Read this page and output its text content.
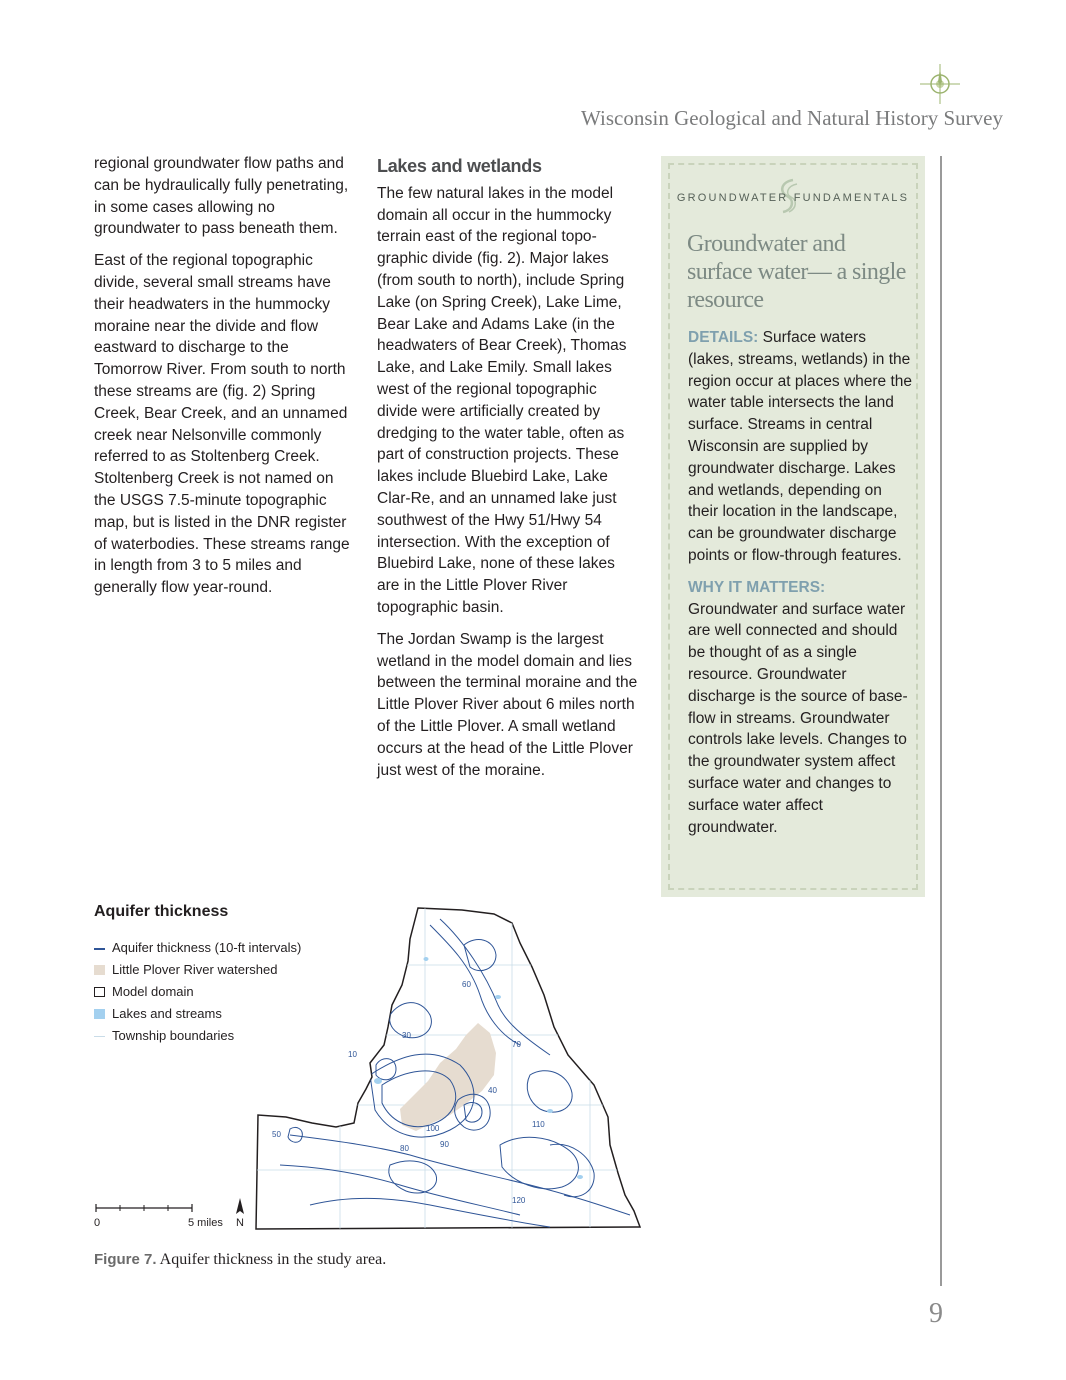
Wisconsin Geological and Natural History Survey

regional groundwater flow paths and can be hydraulically fully penetrating, in some cases allowing no groundwater to pass beneath them.

East of the regional topographic divide, several small streams have their headwaters in the hummocky moraine near the divide and flow eastward to discharge to the Tomorrow River. From south to north these streams are (fig. 2) Spring Creek, Bear Creek, and an unnamed creek near Nelsonville commonly referred to as Stoltenberg Creek. Stoltenberg Creek is not named on the USGS 7.5-minute topographic map, but is listed in the DNR register of waterbodies. These streams range in length from 3 to 5 miles and generally flow year-round.

Lakes and wetlands

The few natural lakes in the model domain all occur in the hummocky terrain east of the regional topographic divide (fig. 2). Major lakes (from south to north), include Spring Lake (on Spring Creek), Lake Lime, Bear Lake and Adams Lake (in the headwaters of Bear Creek), Thomas Lake, and Lake Emily. Small lakes west of the regional topographic divide were artificially created by dredging to the water table, often as part of construction projects. These lakes include Bluebird Lake, Lake Clar-Re, and an unnamed lake just southwest of the Hwy 51/Hwy 54 intersection. With the exception of Bluebird Lake, none of these lakes are in the Little Plover River topographic basin.

The Jordan Swamp is the largest wetland in the model domain and lies between the terminal moraine and the Little Plover River about 6 miles north of the Little Plover. A small wetland occurs at the head of the Little Plover just west of the moraine.

GROUNDWATER FUNDAMENTALS
Groundwater and surface water— a single resource

DETAILS: Surface waters (lakes, streams, wetlands) in the region occur at places where the water table intersects the land surface. Streams in central Wisconsin are supplied by groundwater discharge. Lakes and wetlands, depending on their location in the landscape, can be groundwater discharge points or flow-through features.

WHY IT MATTERS:
Groundwater and surface water are well connected and should be thought of as a single resource. Groundwater discharge is the source of baseflow in streams. Groundwater controls lake levels. Changes to the groundwater system affect surface water and changes to surface water affect groundwater.

Aquifer thickness
Aquifer thickness (10-ft intervals)
Little Plover River watershed
Model domain
Lakes and streams
Township boundaries
10
50
60
30
70
40
100	110
80	90
120
0	5 miles N
Figure 7. Aquifer thickness in the study area.
9
